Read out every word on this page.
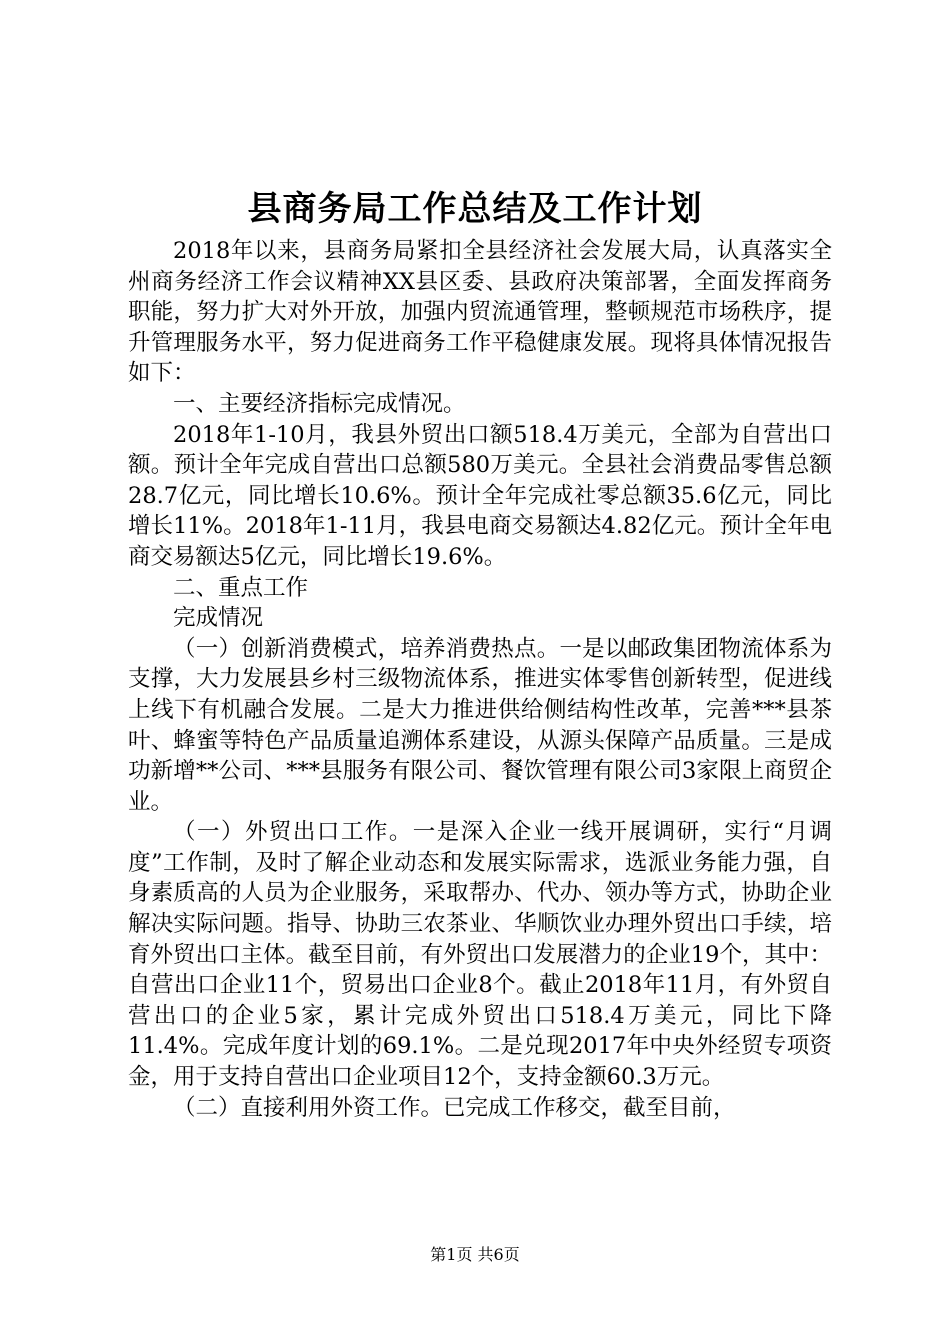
县商务局工作总结及工作计划

2018年以来，县商务局紧扣全县经济社会发展大局，认真落实全州商务经济工作会议精神XX县区委、县政府决策部署，全面发挥商务职能，努力扩大对外开放，加强内贸流通管理，整顿规范市场秩序，提升管理服务水平，努力促进商务工作平稳健康发展。现将具体情况报告如下：

一、主要经济指标完成情况。

2018年1-10月，我县外贸出口额518.4万美元，全部为自营出口额。预计全年完成自营出口总额580万美元。全县社会消费品零售总额28.7亿元，同比增长10.6%。预计全年完成社零总额35.6亿元，同比增长11%。2018年1-11月，我县电商交易额达4.82亿元。预计全年电商交易额达5亿元，同比增长19.6%。

二、重点工作

完成情况

（一）创新消费模式，培养消费热点。一是以邮政集团物流体系为支撑，大力发展县乡村三级物流体系，推进实体零售创新转型，促进线上线下有机融合发展。二是大力推进供给侧结构性改革，完善***县茶叶、蜂蜜等特色产品质量追溯体系建设，从源头保障产品质量。三是成功新增**公司、***县服务有限公司、餐饮管理有限公司3家限上商贸企业。

（一）外贸出口工作。一是深入企业一线开展调研，实行“月调度”工作制，及时了解企业动态和发展实际需求，选派业务能力强，自身素质高的人员为企业服务，采取帮办、代办、领办等方式，协助企业解决实际问题。指导、协助三农茶业、华顺饮业办理外贸出口手续，培育外贸出口主体。截至目前，有外贸出口发展潜力的企业19个，其中：自营出口企业11个，贸易出口企业8个。截止2018年11月，有外贸自营出口的企业5家，累计完成外贸出口518.4万美元，同比下降11.4%。完成年度计划的69.1%。二是兑现2017年中央外经贸专项资金，用于支持自营出口企业项目12个，支持金额60.3万元。

（二）直接利用外资工作。已完成工作移交，截至目前，

第1页 共6页
